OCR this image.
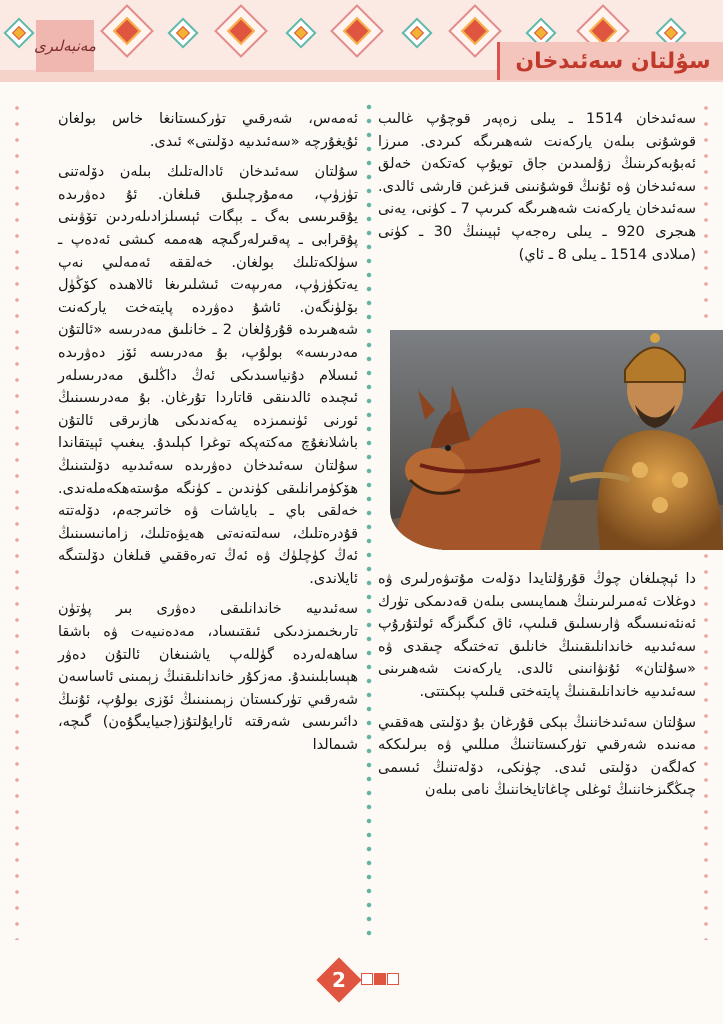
مەنبەلىرى
سۇلتان سەئىدخان

سەئىدخان 1514 ـ يىلى زەپەر قوچۇپ غالىب قوشۇنى بىلەن ياركەنت شەھىرىگە كىردى. مىرزا ئەبۇبەكرىنىڭ زۇلمىدىن جاق تويۇپ كەتكەن خەلق سەئىدخان ۋە ئۇنىڭ قوشۇنىنى قىزغىن قارشى ئالدى. سەئىدخان ياركەنت شەھىرىگە كىرىپ 7 ـ كۈنى، يەنى ھىجرى 920 ـ يىلى رەجەپ ئېيىنىڭ 30 ـ كۈنى (مىلادى 1514 ـ يىلى 8 ـ ئاي)

دا ئېچىلغان چوڭ قۇرۇلتايدا دۆلەت مۇتىۋەرلىرى ۋە دوغلات ئەمىرلىرىنىڭ ھىمايىسى بىلەن قەدىمكى تۈرك ئەنئەنىسىگە ۋارىسلىق قىلىپ، ئاق كىگىزگە ئولتۇرۇپ سەئىدىيە خاندانلىقىنىڭ خانلىق تەختىگە چىقدى ۋە «سۇلتان» ئۇنۋانىنى ئالدى. ياركەنت شەھىرىنى سەئىدىيە خاندانلىقىنىڭ پايتەختى قىلىپ بېكىتتى.

سۇلتان سەئىدخاننىڭ بېكى قۇرغان بۇ دۆلىتى ھەققىي مەنىدە شەرقىي تۈركىستاننىڭ مىللىي ۋە بىرلىككە كەلگەن دۆلىتى ئىدى. چۈنكى، دۆلەتنىڭ ئىسمى چىڭگىزخاننىڭ ئوغلى چاغاتايخاننىڭ نامى بىلەن

ئەمەس، شەرقىي تۈركىستانغا خاس بولغان ئۇيغۇرچە «سەئىدىيە دۆلىتى» ئىدى.

سۇلتان سەئىدخان ئادالەتلىك بىلەن دۆلەتنى تۈزۈپ، مەمۇرچىلىق قىلغان. ئۇ دەۋرىدە يۇقىرىسى بەگ ـ بېگات ئېسىلزادىلەردىن تۆۋىنى پۇقرابى ـ پەقىرلەرگىچە ھەممە كىشى ئەدەپ ـ سۈلكەتلىك بولغان. خەلققە ئەمەلىي نەپ يەتكۈزۈپ، مەرىپەت ئىشلىرىغا ئالاھىدە كۆڭۈل بۆلۈنگەن. ئاشۇ دەۋردە پايتەخت ياركەنت شەھىرىدە قۇرۇلغان 2 ـ خانلىق مەدرىسە «ئالتۇن مەدرىسە» بولۇپ، بۇ مەدرىسە ئۆز دەۋرىدە ئىسلام دۇنياسىدىكى ئەڭ داڭلىق مەدرىسلەر ئىچىدە ئالدىنقى قاتاردا تۇرغان. بۇ مەدرىسىنىڭ ئورنى ئۈنىمىزدە يەكەندىكى ھازىرقى ئالتۇن باشلانغۇچ مەكتەپكە توغرا كېلىدۇ. يىغىپ ئېيتقاندا سۇلتان سەئىدخان دەۋرىدە سەئىدىيە دۆلىتىنىڭ ھۆكۈمرانلىقى كۈندىن ـ كۈنگە مۇستەھكەملەندى. خەلقى باي ـ باياشات ۋە خاتىرجەم، دۆلەتتە قۇدرەتلىك، سەلتەنەتى ھەيۋەتلىك، زامانىسىنىڭ ئەڭ كۈچلۈك ۋە ئەڭ تەرەققىي قىلغان دۆلىتىگە ئايلاندى.

سەئىدىيە خاندانلىقى دەۋرى بىر پۈتۈن تارىخىمىزدىكى ئىقتىساد، مەدەنىيەت ۋە باشقا ساھەلەردە گۈللەپ ياشنىغان ئالتۇن دەۋر ھېسابلىنىدۇ. مەزكۇر خاندانلىقنىڭ زېمىنى ئاساسەن شەرقىي تۈركىستان زېمىنىنىڭ ئۆزى بولۇپ، ئۇنىڭ دائىرىسى شەرقتە ئارايۇلتۇز(جىيايىگۇەن) گىچە، شىمالدا

2
